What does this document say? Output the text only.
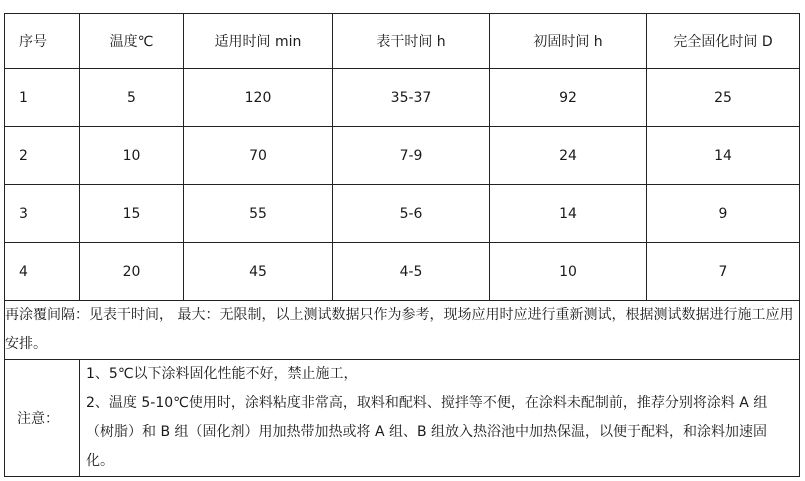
序号	温度℃	适用时间 min	表干时间 h	初固时间 h	完全固化时间 D
1	5	120	35-37	92	25
2	10	70	7-9	24	14
3	15	55	5-6	14	9
4	20	45	4-5	10	7
再涂覆间隔：见表干时间， 最大：无限制，以上测试数据只作为参考，现场应用时应进行重新测试，根据测试数据进行施工应用安排。					
注意：	1、5℃以下涂料固化性能不好，禁止施工，
2、温度 5-10℃使用时，涂料粘度非常高，取料和配料、搅拌等不便，在涂料未配制前，推荐分别将涂料 A 组（树脂）和 B 组（固化剂）用加热带加热或将 A 组、B 组放入热浴池中加热保温，以便于配料，和涂料加速固化。				
